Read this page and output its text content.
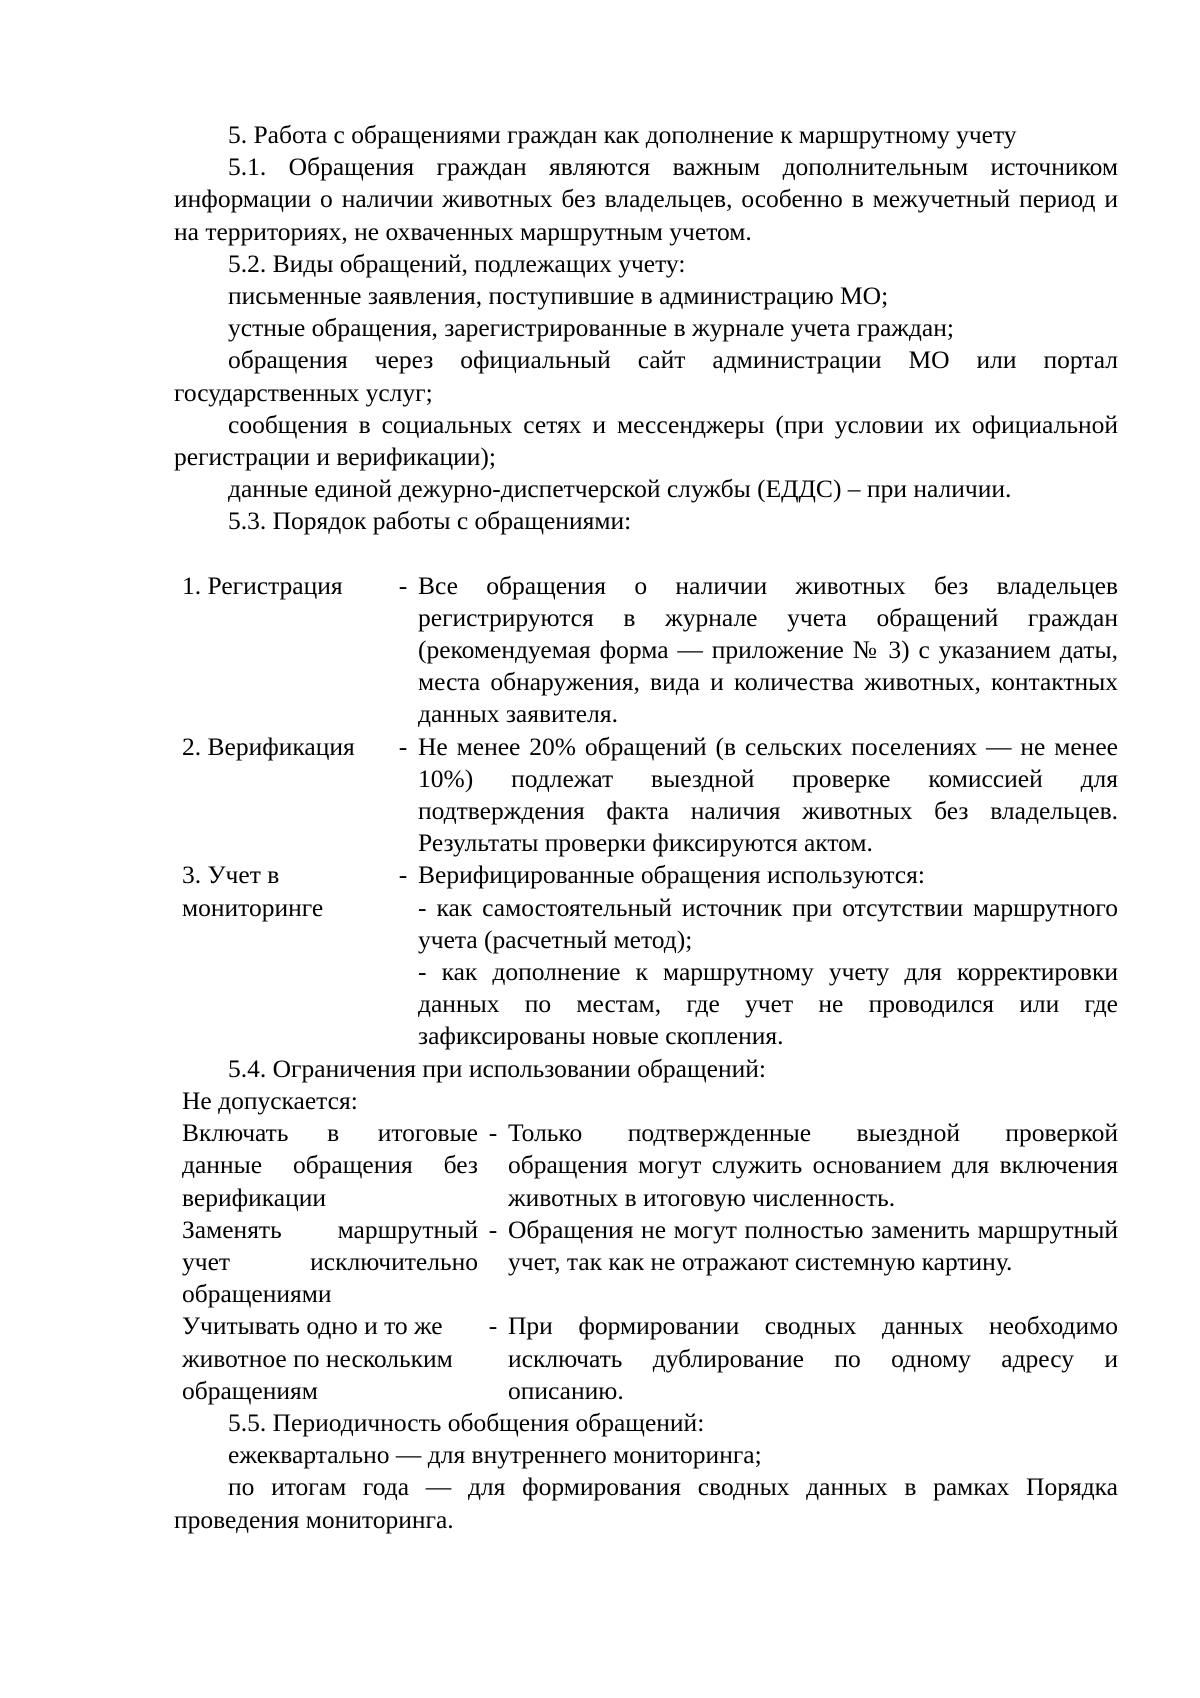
5. Работа с обращениями граждан как дополнение к маршрутному учету

5.1. Обращения граждан являются важным дополнительным источником информации о наличии животных без владельцев, особенно в межучетный период и на территориях, не охваченных маршрутным учетом.

5.2. Виды обращений, подлежащих учету:

письменные заявления, поступившие в администрацию МО;

устные обращения, зарегистрированные в журнале учета граждан;

обращения через официальный сайт администрации МО или портал государственных услуг;

сообщения в социальных сетях и мессенджеры (при условии их официальной регистрации и верификации);

данные единой дежурно-диспетчерской службы (ЕДДС) – при наличии.

5.3. Порядок работы с обращениями:

1. Регистрация	- Все обращения о наличии животных без владельцев регистрируются в журнале учета обращений граждан (рекомендуемая форма — приложение № 3) с указанием даты, места обнаружения, вида и количества животных, контактных данных заявителя.
2. Верификация	- Не менее 20% обращений (в сельских поселениях — не менее 10%) подлежат выездной проверке комиссией для подтверждения факта наличия животных без владельцев. Результаты проверки фиксируются актом.
3. Учет в мониторинге
- Верифицированные обращения используются:
- как самостоятельный источник при отсутствии маршрутного учета (расчетный метод);
- как дополнение к маршрутному учету для корректировки данных по местам, где учет не проводился или где зафиксированы новые скопления.

5.4. Ограничения при использовании обращений:

Не допускается:

Включать в итоговые данные обращения без верификации
- Только подтвержденные выездной проверкой обращения могут служить основанием для включения животных в итоговую численность.
Заменять маршрутный учет исключительно обращениями
- Обращения не могут полностью заменить маршрутный учет, так как не отражают системную картину.
Учитывать одно и то же животное по нескольким обращениям
- При формировании сводных данных необходимо исключать дублирование по одному адресу и описанию.

5.5. Периодичность обобщения обращений:

ежеквартально — для внутреннего мониторинга;

по итогам года — для формирования сводных данных в рамках Порядка проведения мониторинга.
